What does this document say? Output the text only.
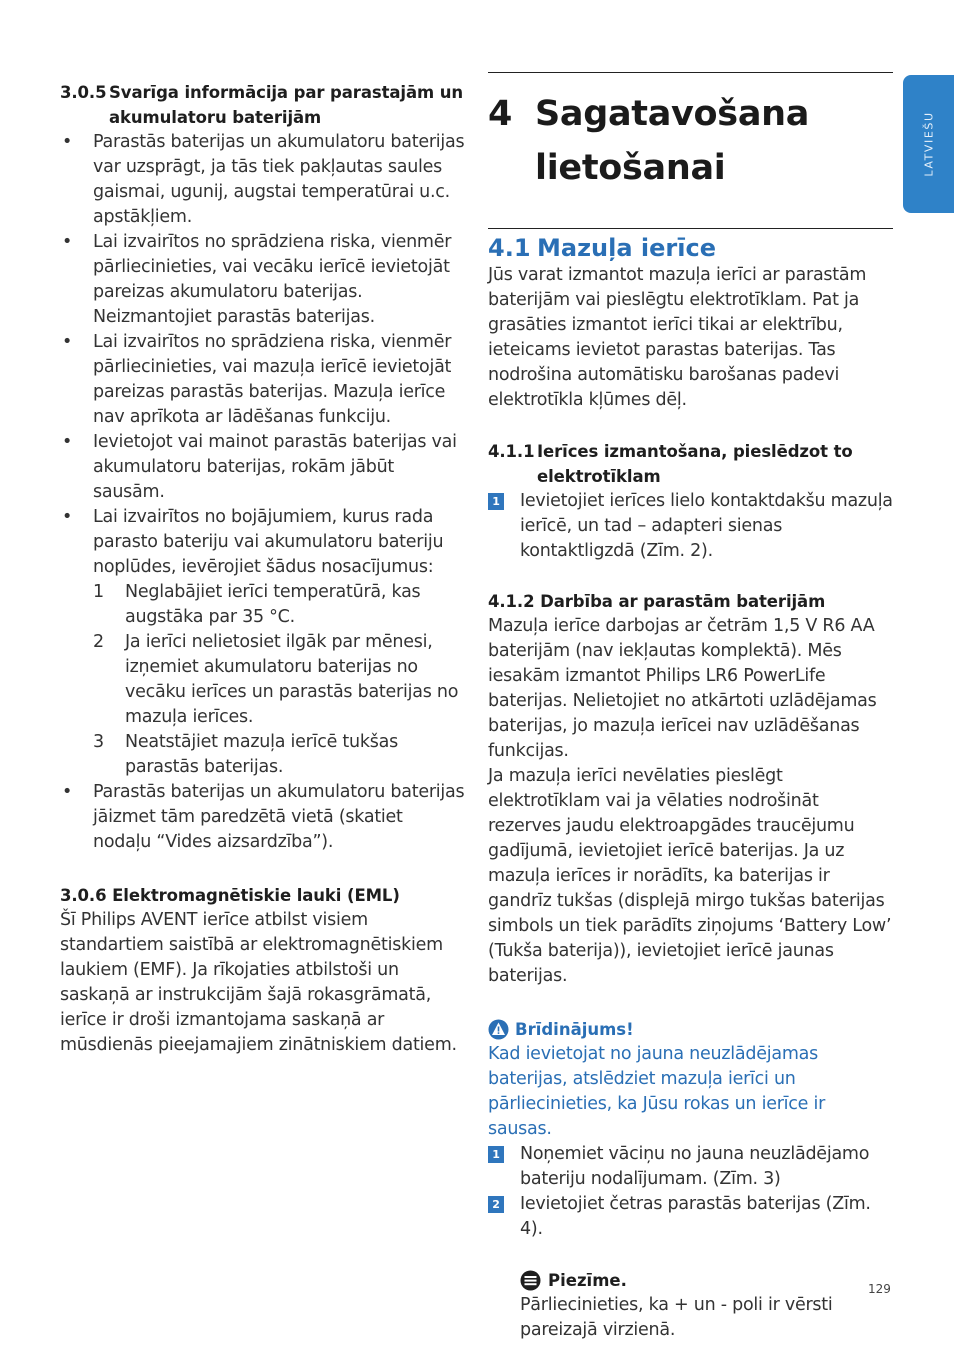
LATVIEŠU
3.0.5 Svarīga informācija par parastajām un akumulatoru baterijām
•	Parastās baterijas un akumulatoru baterijas var uzsprāgt, ja tās tiek pakļautas saules gaismai, ugunij, augstai temperatūrai u.c. apstākļiem.
•	Lai izvairītos no sprādziena riska, vienmēr pārliecinieties, vai vecāku ierīcē ievietojāt pareizas akumulatoru baterijas. Neizmantojiet parastās baterijas.
•	Lai izvairītos no sprādziena riska, vienmēr pārliecinieties, vai mazuļa ierīcē ievietojāt pareizas parastās baterijas. Mazuļa ierīce nav aprīkota ar lādēšanas funkciju.
•	Ievietojot vai mainot parastās baterijas vai akumulatoru baterijas, rokām jābūt sausām.
•	Lai izvairītos no bojājumiem, kurus rada parasto bateriju vai akumulatoru bateriju noplūdes, ievērojiet šādus nosacījumus:
1	Neglabājiet ierīci temperatūrā, kas augstāka par 35 °C.
2	Ja ierīci nelietosiet ilgāk par mēnesi, izņemiet akumulatoru baterijas no vecāku ierīces un parastās baterijas no mazuļa ierīces.
3	Neatstājiet mazuļa ierīcē tukšas parastās baterijas.
•	Parastās baterijas un akumulatoru baterijas jāizmet tām paredzētā vietā (skatiet nodaļu “Vides aizsardzība”).
3.0.6 Elektromagnētiskie lauki (EML)
Šī Philips AVENT ierīce atbilst visiem standartiem saistībā ar elektromagnētiskiem laukiem (EMF). Ja rīkojaties atbilstoši un saskaņā ar instrukcijām šajā rokasgrāmatā, ierīce ir droši izmantojama saskaņā ar mūsdienās pieejamajiem zinātniskiem datiem.
4 Sagatavošana lietošanai
4.1 Mazuļa ierīce
Jūs varat izmantot mazuļa ierīci ar parastām baterijām vai pieslēgtu elektrotīklam. Pat ja grasāties izmantot ierīci tikai ar elektrību, ieteicams ievietot parastas baterijas. Tas nodrošina automātisku barošanas padevi elektrotīkla kļūmes dēļ.
4.1.1 Ierīces izmantošana, pieslēdzot to elektrotīklam
1 Ievietojiet ierīces lielo kontaktdakšu mazuļa ierīcē, un tad – adapteri sienas kontaktligzdā (Zīm. 2).
4.1.2 Darbība ar parastām baterijām
Mazuļa ierīce darbojas ar četrām 1,5 V R6 AA baterijām (nav iekļautas komplektā). Mēs iesakām izmantot Philips LR6 PowerLife baterijas. Nelietojiet no atkārtoti uzlādējamas baterijas, jo mazuļa ierīcei nav uzlādēšanas funkcijas.
Ja mazuļa ierīci nevēlaties pieslēgt elektrotīklam vai ja vēlaties nodrošināt rezerves jaudu elektroapgādes traucējumu gadījumā, ievietojiet ierīcē baterijas. Ja uz mazuļa ierīces ir norādīts, ka baterijas ir gandrīz tukšas (displejā mirgo tukšas baterijas simbols un tiek parādīts ziņojums ‘Battery Low’ (Tukša baterija)), ievietojiet ierīcē jaunas baterijas.
Brīdinājums!
Kad ievietojat no jauna neuzlādējamas baterijas, atslēdziet mazuļa ierīci un pārliecinieties, ka Jūsu rokas un ierīce ir sausas.
1 Noņemiet vāciņu no jauna neuzlādējamo bateriju nodalījumam. (Zīm. 3)
2 Ievietojiet četras parastās baterijas (Zīm. 4).
Piezīme.
Pārliecinieties, ka + un - poli ir vērsti pareizajā virzienā.
129
